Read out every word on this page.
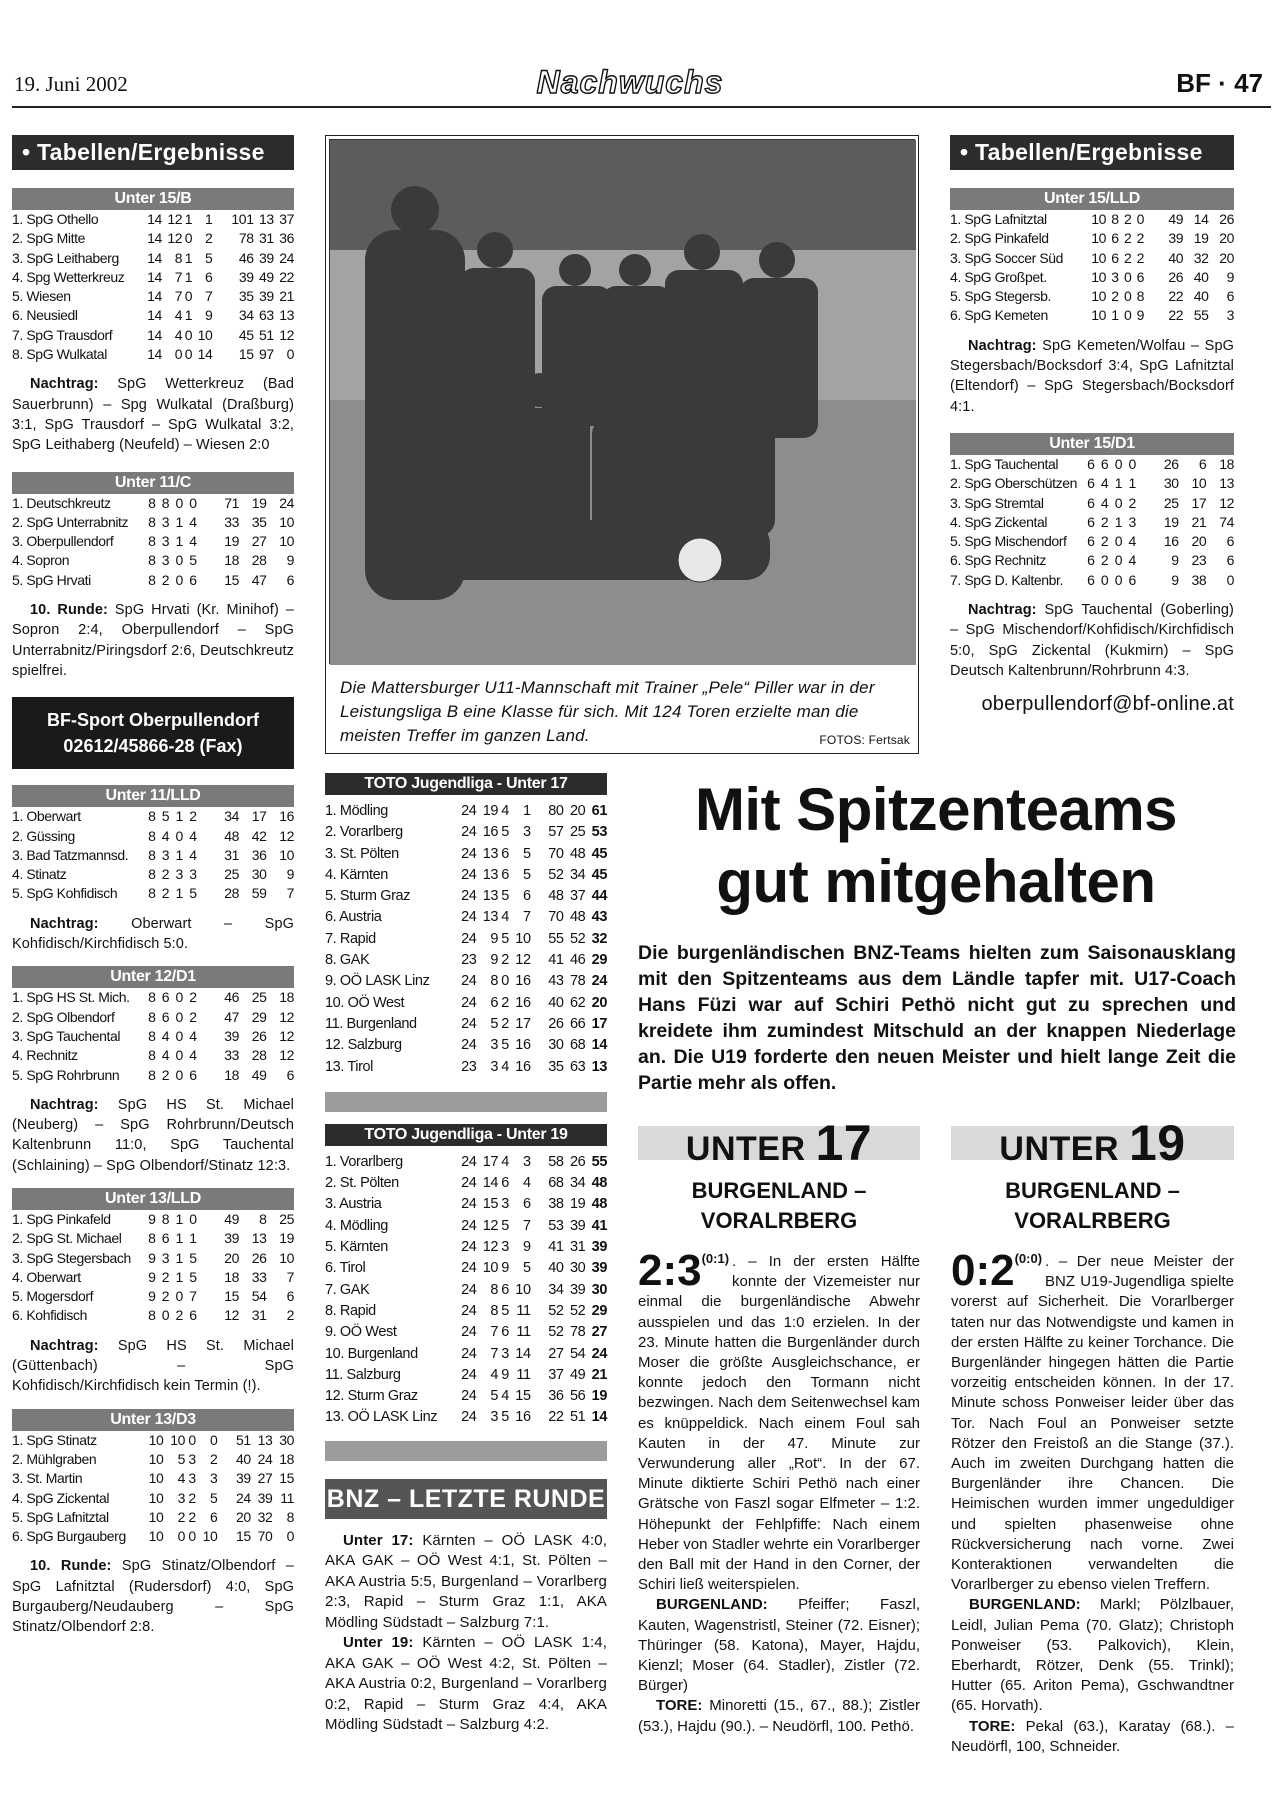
19. Juni 2002	Nachwuchs	BF · 47
• Tabellen/Ergebnisse
Unter 15/B
1. SpG Othello	14	12	1	1	101	13	37
2. SpG Mitte	14	12	0	2	78	31	36
3. SpG Leithaberg	14	8	1	5	46	39	24
4. Spg Wetterkreuz	14	7	1	6	39	49	22
5. Wiesen	14	7	0	7	35	39	21
6. Neusiedl	14	4	1	9	34	63	13
7. SpG Trausdorf	14	4	0	10	45	51	12
8. SpG Wulkatal	14	0	0	14	15	97	0
Nachtrag: SpG Wetterkreuz (Bad Sauerbrunn) – Spg Wulkatal (Draßburg) 3:1, SpG Trausdorf – SpG Wulkatal 3:2, SpG Leithaberg (Neufeld) – Wiesen 2:0
Unter 11/C
1. Deutschkreutz	8	8	0	0	71	19	24
2. SpG Unterrabnitz	8	3	1	4	33	35	10
3. Oberpullendorf	8	3	1	4	19	27	10
4. Sopron	8	3	0	5	18	28	9
5. SpG Hrvati	8	2	0	6	15	47	6
10. Runde: SpG Hrvati (Kr. Minihof) – Sopron 2:4, Oberpullendorf – SpG Unterrabnitz/Piringsdorf 2:6, Deutschkreutz spielfrei.
BF-Sport Oberpullendorf
02612/45866-28 (Fax)
Unter 11/LLD
1. Oberwart	8	5	1	2	34	17	16
2. Güssing	8	4	0	4	48	42	12
3. Bad Tatzmannsd.	8	3	1	4	31	36	10
4. Stinatz	8	2	3	3	25	30	9
5. SpG Kohfidisch	8	2	1	5	28	59	7
Nachtrag: Oberwart – SpG Kohfidisch/Kirchfidisch 5:0.
Unter 12/D1
1. SpG HS St. Mich.	8	6	0	2	46	25	18
2. SpG Olbendorf	8	6	0	2	47	29	12
3. SpG Tauchental	8	4	0	4	39	26	12
4. Rechnitz	8	4	0	4	33	28	12
5. SpG Rohrbrunn	8	2	0	6	18	49	6
Nachtrag: SpG HS St. Michael (Neuberg) – SpG Rohrbrunn/Deutsch Kaltenbrunn 11:0, SpG Tauchental (Schlaining) – SpG Olbendorf/Stinatz 12:3.
Unter 13/LLD
1. SpG Pinkafeld	9	8	1	0	49	8	25
2. SpG St. Michael	8	6	1	1	39	13	19
3. SpG Stegersbach	9	3	1	5	20	26	10
4. Oberwart	9	2	1	5	18	33	7
5. Mogersdorf	9	2	0	7	15	54	6
6. Kohfidisch	8	0	2	6	12	31	2
Nachtrag: SpG HS St. Michael (Güttenbach) – SpG Kohfidisch/Kirchfidisch kein Termin (!).
Unter 13/D3
1. SpG Stinatz	10	10	0	0	51	13	30
2. Mühlgraben	10	5	3	2	40	24	18
3. St. Martin	10	4	3	3	39	27	15
4. SpG Zickental	10	3	2	5	24	39	11
5. SpG Lafnitztal	10	2	2	6	20	32	8
6. SpG Burgauberg	10	0	0	10	15	70	0
10. Runde: SpG Stinatz/Olbendorf – SpG Lafnitztal (Rudersdorf) 4:0, SpG Burgauberg/Neudauberg – SpG Stinatz/Olbendorf 2:8.
Die Mattersburger U11-Mannschaft mit Trainer „Pele“ Piller war in der Leistungsliga B eine Klasse für sich. Mit 124 Toren erzielte man die meisten Treffer im ganzen Land.	FOTOS: Fertsak
TOTO Jugendliga - Unter 17
1. Mödling	24	19	4	1	80	20	61
2. Vorarlberg	24	16	5	3	57	25	53
3. St. Pölten	24	13	6	5	70	48	45
4. Kärnten	24	13	6	5	52	34	45
5. Sturm Graz	24	13	5	6	48	37	44
6. Austria	24	13	4	7	70	48	43
7. Rapid	24	9	5	10	55	52	32
8. GAK	23	9	2	12	41	46	29
9. OÖ LASK Linz	24	8	0	16	43	78	24
10. OÖ West	24	6	2	16	40	62	20
11. Burgenland	24	5	2	17	26	66	17
12. Salzburg	24	3	5	16	30	68	14
13. Tirol	23	3	4	16	35	63	13
TOTO Jugendliga - Unter 19
1. Vorarlberg	24	17	4	3	58	26	55
2. St. Pölten	24	14	6	4	68	34	48
3. Austria	24	15	3	6	38	19	48
4. Mödling	24	12	5	7	53	39	41
5. Kärnten	24	12	3	9	41	31	39
6. Tirol	24	10	9	5	40	30	39
7. GAK	24	8	6	10	34	39	30
8. Rapid	24	8	5	11	52	52	29
9. OÖ West	24	7	6	11	52	78	27
10. Burgenland	24	7	3	14	27	54	24
11. Salzburg	24	4	9	11	37	49	21
12. Sturm Graz	24	5	4	15	36	56	19
13. OÖ LASK Linz	24	3	5	16	22	51	14
BNZ – LETZTE RUNDE
Unter 17: Kärnten – OÖ LASK 4:0, AKA GAK – OÖ West 4:1, St. Pölten – AKA Austria 5:5, Burgenland – Vorarlberg 2:3, Rapid – Sturm Graz 1:1, AKA Mödling Südstadt – Salzburg 7:1.
Unter 19: Kärnten – OÖ LASK 1:4, AKA GAK – OÖ West 4:2, St. Pölten – AKA Austria 0:2, Burgenland – Vorarlberg 0:2, Rapid – Sturm Graz 4:4, AKA Mödling Südstadt – Salzburg 4:2.
• Tabellen/Ergebnisse
Unter 15/LLD
1. SpG Lafnitztal	10	8	2	0	49	14	26
2. SpG Pinkafeld	10	6	2	2	39	19	20
3. SpG Soccer Süd	10	6	2	2	40	32	20
4. SpG Großpet.	10	3	0	6	26	40	9
5. SpG Stegersb.	10	2	0	8	22	40	6
6. SpG Kemeten	10	1	0	9	22	55	3
Nachtrag: SpG Kemeten/Wolfau – SpG Stegersbach/Bocksdorf 3:4, SpG Lafnitztal (Eltendorf) – SpG Stegersbach/Bocksdorf 4:1.
Unter 15/D1
1. SpG Tauchental	6	6	0	0	26	6	18
2. SpG Oberschützen	6	4	1	1	30	10	13
3. SpG Stremtal	6	4	0	2	25	17	12
4. SpG Zickental	6	2	1	3	19	21	74
5. SpG Mischendorf	6	2	0	4	16	20	6
6. SpG Rechnitz	6	2	0	4	9	23	6
7. SpG D. Kaltenbr.	6	0	0	6	9	38	0
Nachtrag: SpG Tauchental (Goberling) – SpG Mischendorf/Kohfidisch/Kirchfidisch 5:0, SpG Zickental (Kukmirn) – SpG Deutsch Kaltenbrunn/Rohrbrunn 4:3.
oberpullendorf@bf-online.at
Mit Spitzenteams
gut mitgehalten
Die burgenländischen BNZ-Teams hielten zum Saisonausklang mit den Spitzenteams aus dem Ländle tapfer mit. U17-Coach Hans Füzi war auf Schiri Pethö nicht gut zu sprechen und kreidete ihm zumindest Mitschuld an der knappen Niederlage an. Die U19 forderte den neuen Meister und hielt lange Zeit die Partie mehr als offen.
UNTER 17
BURGENLAND –
VORALRBERG
$2:3^{(0:1)}$ . – In der ersten Hälfte konnte der Vizemeister nur einmal die burgenländische Abwehr ausspielen und das 1:0 erzielen. In der 23. Minute hatten die Burgenländer durch Moser die größte Ausgleichschance, er konnte jedoch den Tormann nicht bezwingen. Nach dem Seitenwechsel kam es knüppeldick. Nach einem Foul sah Kauten in der 47. Minute zur Verwunderung aller „Rot“. In der 67. Minute diktierte Schiri Pethö nach einer Grätsche von Faszl sogar Elfmeter – 1:2. Höhepunkt der Fehlpfiffe: Nach einem Heber von Stadler wehrte ein Vorarlberger den Ball mit der Hand in den Corner, der Schiri ließ weiterspielen.
BURGENLAND: Pfeiffer; Faszl, Kauten, Wagenstristl, Steiner (72. Eisner); Thüringer (58. Katona), Mayer, Hajdu, Kienzl; Moser (64. Stadler), Zistler (72. Bürger)
TORE: Minoretti (15., 67., 88.); Zistler (53.), Hajdu (90.). – Neudörfl, 100. Pethö.
UNTER 19
BURGENLAND –
VORALRBERG
$0:2^{(0:0)}$ . – Der neue Meister der BNZ U19-Jugendliga spielte vorerst auf Sicherheit. Die Vorarlberger taten nur das Notwendigste und kamen in der ersten Hälfte zu keiner Torchance. Die Burgenländer hingegen hätten die Partie vorzeitig entscheiden können. In der 17. Minute schoss Ponweiser leider über das Tor. Nach Foul an Ponweiser setzte Rötzer den Freistoß an die Stange (37.). Auch im zweiten Durchgang hatten die Burgenländer ihre Chancen. Die Heimischen wurden immer ungeduldiger und spielten phasenweise ohne Rückversicherung nach vorne. Zwei Konteraktionen verwandelten die Vorarlberger zu ebenso vielen Treffern.
BURGENLAND: Markl; Pölzlbauer, Leidl, Julian Pema (70. Glatz); Christoph Ponweiser (53. Palkovich), Klein, Eberhardt, Rötzer, Denk (55. Trinkl); Hutter (65. Ariton Pema), Gschwandtner (65. Horvath).
TORE: Pekal (63.), Karatay (68.). – Neudörfl, 100, Schneider.
